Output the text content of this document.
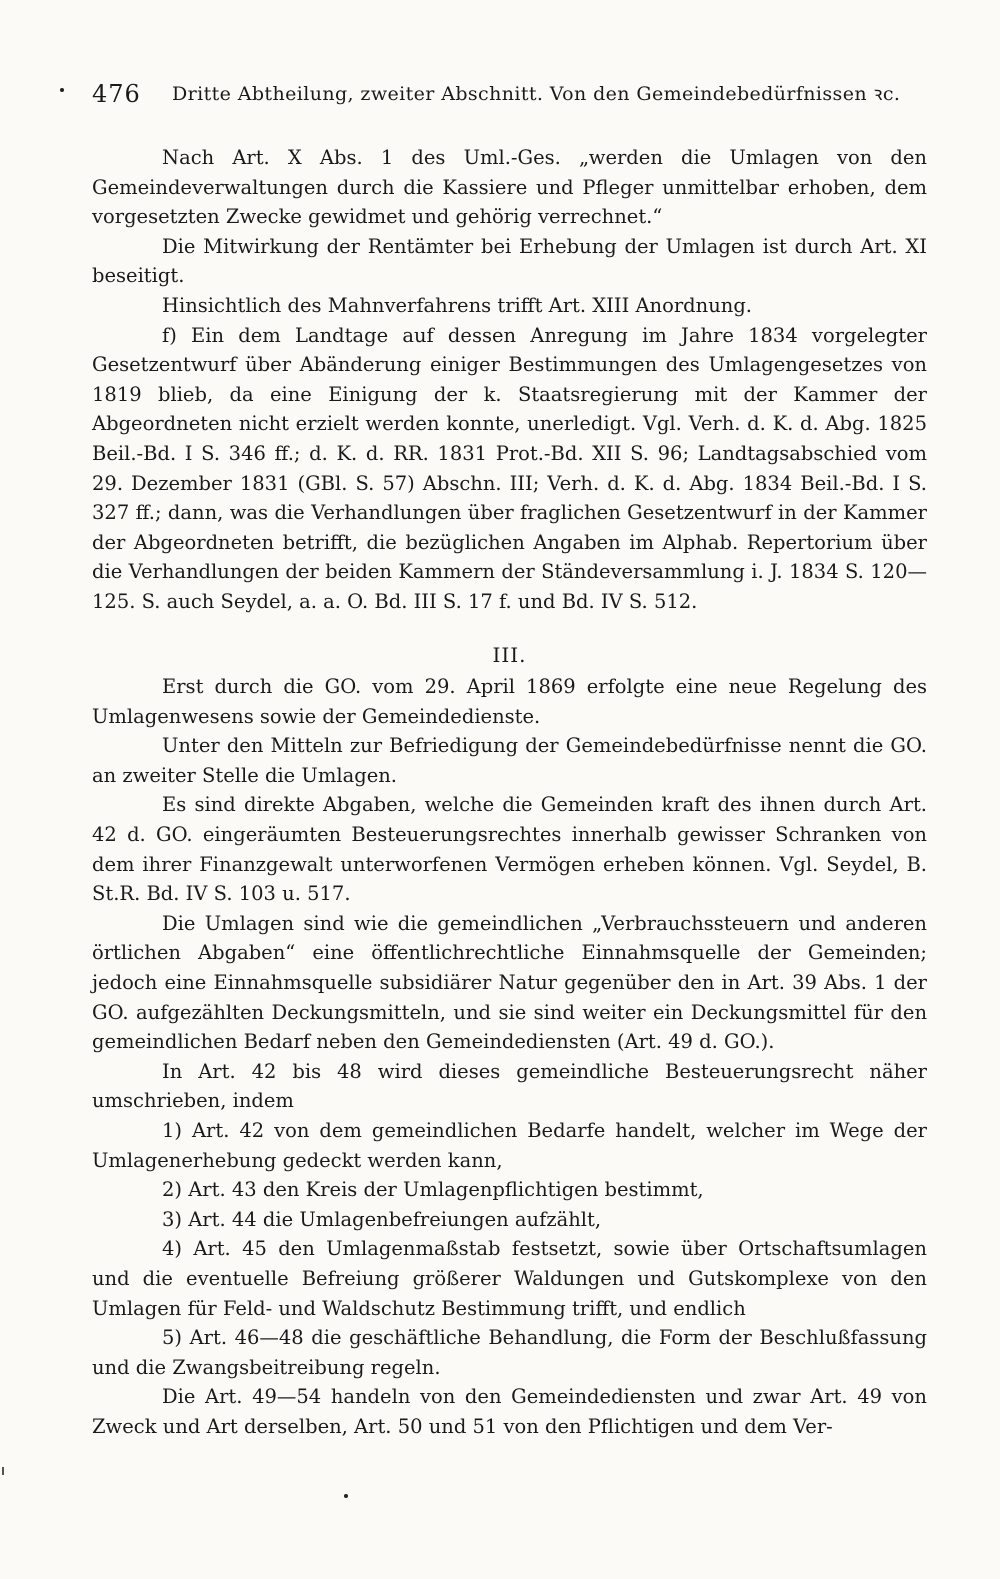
476 Dritte Abtheilung, zweiter Abschnitt. Von den Gemeindebedürfnissen ꝛc.

Nach Art. X Abs. 1 des Uml.-Ges. „werden die Umlagen von den Gemeindeverwaltungen durch die Kassiere und Pfleger unmittelbar erhoben, dem vorgesetzten Zwecke gewidmet und gehörig verrechnet.“

Die Mitwirkung der Rentämter bei Erhebung der Umlagen ist durch Art. XI beseitigt.

Hinsichtlich des Mahnverfahrens trifft Art. XIII Anordnung.

f) Ein dem Landtage auf dessen Anregung im Jahre 1834 vorgelegter Gesetzentwurf über Abänderung einiger Bestimmungen des Umlagengesetzes von 1819 blieb, da eine Einigung der k. Staatsregierung mit der Kammer der Abgeordneten nicht erzielt werden konnte, unerledigt. Vgl. Verh. d. K. d. Abg. 1825 Beil.-Bd. I S. 346 ff.; d. K. d. RR. 1831 Prot.-Bd. XII S. 96; Landtagsabschied vom 29. Dezember 1831 (GBl. S. 57) Abschn. III; Verh. d. K. d. Abg. 1834 Beil.-Bd. I S. 327 ff.; dann, was die Verhandlungen über fraglichen Gesetzentwurf in der Kammer der Abgeordneten betrifft, die bezüglichen Angaben im Alphab. Repertorium über die Verhandlungen der beiden Kammern der Ständeversammlung i. J. 1834 S. 120—125. S. auch Seydel, a. a. O. Bd. III S. 17 f. und Bd. IV S. 512.

III.

Erst durch die GO. vom 29. April 1869 erfolgte eine neue Regelung des Umlagenwesens sowie der Gemeindedienste.

Unter den Mitteln zur Befriedigung der Gemeindebedürfnisse nennt die GO. an zweiter Stelle die Umlagen.

Es sind direkte Abgaben, welche die Gemeinden kraft des ihnen durch Art. 42 d. GO. eingeräumten Besteuerungsrechtes innerhalb gewisser Schranken von dem ihrer Finanzgewalt unterworfenen Vermögen erheben können. Vgl. Seydel, B. St.R. Bd. IV S. 103 u. 517.

Die Umlagen sind wie die gemeindlichen „Verbrauchssteuern und anderen örtlichen Abgaben“ eine öffentlichrechtliche Einnahmsquelle der Gemeinden; jedoch eine Einnahmsquelle subsidiärer Natur gegenüber den in Art. 39 Abs. 1 der GO. aufgezählten Deckungsmitteln, und sie sind weiter ein Deckungsmittel für den gemeindlichen Bedarf neben den Gemeindediensten (Art. 49 d. GO.).

In Art. 42 bis 48 wird dieses gemeindliche Besteuerungsrecht näher umschrieben, indem

1) Art. 42 von dem gemeindlichen Bedarfe handelt, welcher im Wege der Umlagenerhebung gedeckt werden kann,

2) Art. 43 den Kreis der Umlagenpflichtigen bestimmt,

3) Art. 44 die Umlagenbefreiungen aufzählt,

4) Art. 45 den Umlagenmaßstab festsetzt, sowie über Ortschaftsumlagen und die eventuelle Befreiung größerer Waldungen und Gutskomplexe von den Umlagen für Feld- und Waldschutz Bestimmung trifft, und endlich

5) Art. 46—48 die geschäftliche Behandlung, die Form der Beschlußfassung und die Zwangsbeitreibung regeln.

Die Art. 49—54 handeln von den Gemeindediensten und zwar Art. 49 von Zweck und Art derselben, Art. 50 und 51 von den Pflichtigen und dem Ver-
